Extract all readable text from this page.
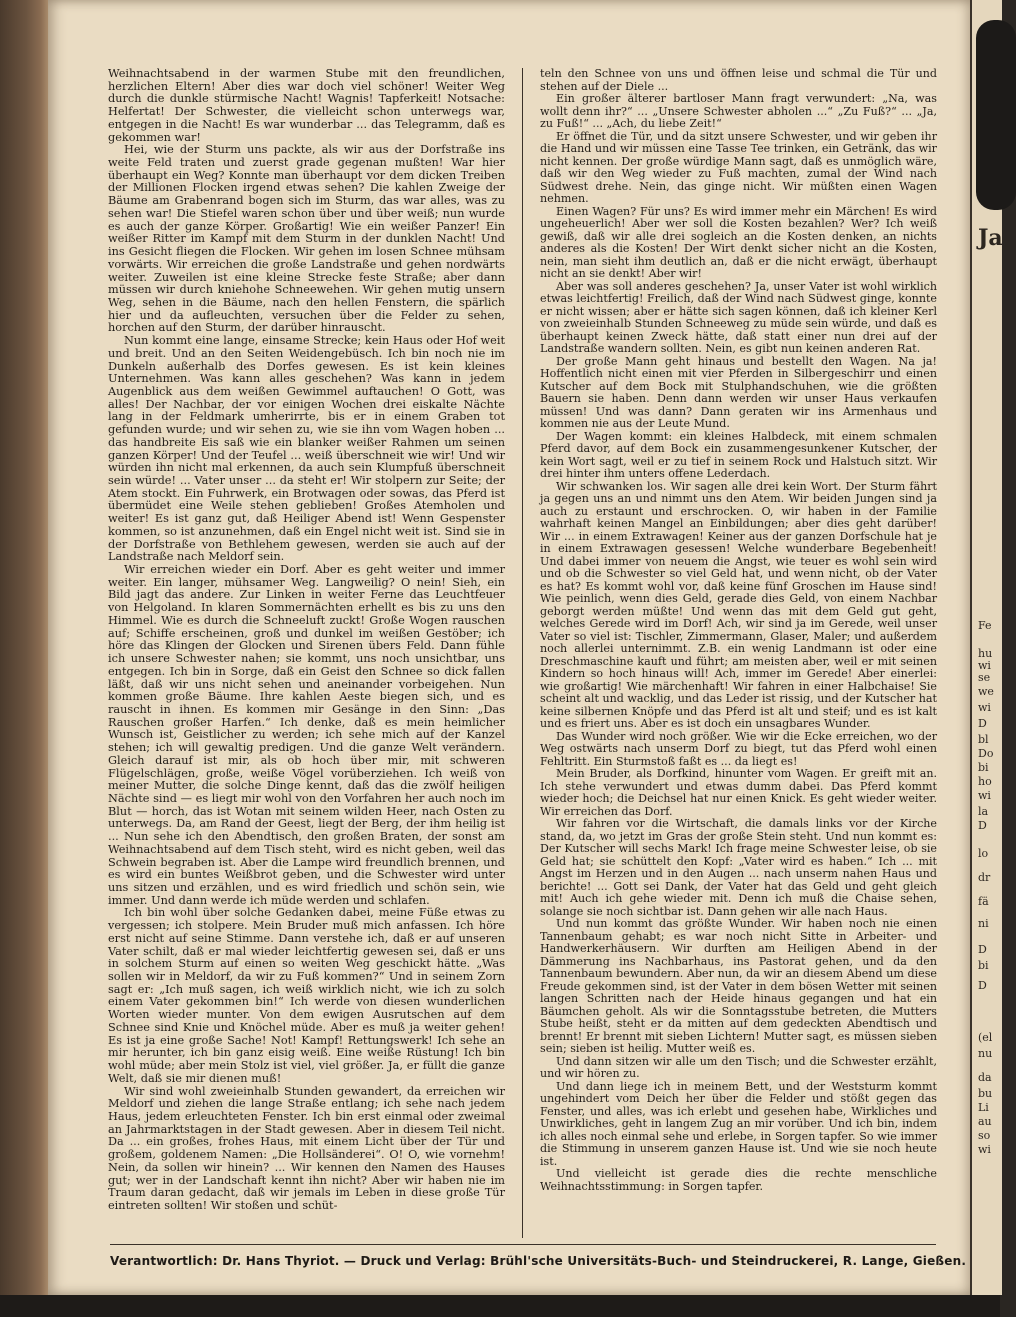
Ja
Fe
hu
wi
se
we
wi
D
bl
Do
bi
ho
wi
la
D
lo
dr
fä
ni
D
bi
D
(el
nu
da
bu
Li
au
so
wi

Weihnachtsabend in der warmen Stube mit den freundlichen, herzlichen Eltern! Aber dies war doch viel schöner! Weiter Weg durch die dunkle stürmische Nacht! Wagnis! Tapferkeit! Notsache: Helfertat! Der Schwester, die vielleicht schon unterwegs war, entgegen in die Nacht! Es war wunderbar ... das Telegramm, daß es gekommen war!

Hei, wie der Sturm uns packte, als wir aus der Dorfstraße ins weite Feld traten und zuerst grade gegenan mußten! War hier überhaupt ein Weg? Konnte man überhaupt vor dem dicken Treiben der Millionen Flocken irgend etwas sehen? Die kahlen Zweige der Bäume am Grabenrand bogen sich im Sturm, das war alles, was zu sehen war! Die Stiefel waren schon über und über weiß; nun wurde es auch der ganze Körper. Großartig! Wie ein weißer Panzer! Ein weißer Ritter im Kampf mit dem Sturm in der dunklen Nacht! Und ins Gesicht fliegen die Flocken. Wir gehen im losen Schnee mühsam vorwärts. Wir erreichen die große Landstraße und gehen nordwärts weiter. Zuweilen ist eine kleine Strecke feste Straße; aber dann müssen wir durch kniehohe Schneewehen. Wir gehen mutig unsern Weg, sehen in die Bäume, nach den hellen Fenstern, die spärlich hier und da aufleuchten, versuchen über die Felder zu sehen, horchen auf den Sturm, der darüber hinrauscht.

Nun kommt eine lange, einsame Strecke; kein Haus oder Hof weit und breit. Und an den Seiten Weidengebüsch. Ich bin noch nie im Dunkeln außerhalb des Dorfes gewesen. Es ist kein kleines Unternehmen. Was kann alles geschehen? Was kann in jedem Augenblick aus dem weißen Gewimmel auftauchen! O Gott, was alles! Der Nachbar, der vor einigen Wochen drei eiskalte Nächte lang in der Feldmark umherirrte, bis er in einem Graben tot gefunden wurde; und wir sehen zu, wie sie ihn vom Wagen hoben ... das handbreite Eis saß wie ein blanker weißer Rahmen um seinen ganzen Körper! Und der Teufel ... weiß überschneit wie wir! Und wir würden ihn nicht mal erkennen, da auch sein Klumpfuß überschneit sein würde! ... Vater unser ... da steht er! Wir stolpern zur Seite; der Atem stockt. Ein Fuhrwerk, ein Brotwagen oder sowas, das Pferd ist übermüdet eine Weile stehen geblieben! Großes Atemholen und weiter! Es ist ganz gut, daß Heiliger Abend ist! Wenn Gespenster kommen, so ist anzunehmen, daß ein Engel nicht weit ist. Sind sie in der Dorfstraße von Bethlehem gewesen, werden sie auch auf der Landstraße nach Meldorf sein.

Wir erreichen wieder ein Dorf. Aber es geht weiter und immer weiter. Ein langer, mühsamer Weg. Langweilig? O nein! Sieh, ein Bild jagt das andere. Zur Linken in weiter Ferne das Leuchtfeuer von Helgoland. In klaren Sommernächten erhellt es bis zu uns den Himmel. Wie es durch die Schneeluft zuckt! Große Wogen rauschen auf; Schiffe erscheinen, groß und dunkel im weißen Gestöber; ich höre das Klingen der Glocken und Sirenen übers Feld. Dann fühle ich unsere Schwester nahen; sie kommt, uns noch unsichtbar, uns entgegen. Ich bin in Sorge, daß ein Geist den Schnee so dick fallen läßt, daß wir uns nicht sehen und aneinander vorbeigehen. Nun kommen große Bäume. Ihre kahlen Aeste biegen sich, und es rauscht in ihnen. Es kommen mir Gesänge in den Sinn: „Das Rauschen großer Harfen.“ Ich denke, daß es mein heimlicher Wunsch ist, Geistlicher zu werden; ich sehe mich auf der Kanzel stehen; ich will gewaltig predigen. Und die ganze Welt verändern. Gleich darauf ist mir, als ob hoch über mir, mit schweren Flügelschlägen, große, weiße Vögel vorüberziehen. Ich weiß von meiner Mutter, die solche Dinge kennt, daß das die zwölf heiligen Nächte sind — es liegt mir wohl von den Vorfahren her auch noch im Blut — horch, das ist Wotan mit seinem wilden Heer, nach Osten zu unterwegs. Da, am Rand der Geest, liegt der Berg, der ihm heilig ist ... Nun sehe ich den Abendtisch, den großen Braten, der sonst am Weihnachtsabend auf dem Tisch steht, wird es nicht geben, weil das Schwein begraben ist. Aber die Lampe wird freundlich brennen, und es wird ein buntes Weißbrot geben, und die Schwester wird unter uns sitzen und erzählen, und es wird friedlich und schön sein, wie immer. Und dann werde ich müde werden und schlafen.

Ich bin wohl über solche Gedanken dabei, meine Füße etwas zu vergessen; ich stolpere. Mein Bruder muß mich anfassen. Ich höre erst nicht auf seine Stimme. Dann verstehe ich, daß er auf unseren Vater schilt, daß er mal wieder leichtfertig gewesen sei, daß er uns in solchem Sturm auf einen so weiten Weg geschickt hätte. „Was sollen wir in Meldorf, da wir zu Fuß kommen?“ Und in seinem Zorn sagt er: „Ich muß sagen, ich weiß wirklich nicht, wie ich zu solch einem Vater gekommen bin!“ Ich werde von diesen wunderlichen Worten wieder munter. Von dem ewigen Ausrutschen auf dem Schnee sind Knie und Knöchel müde. Aber es muß ja weiter gehen! Es ist ja eine große Sache! Not! Kampf! Rettungswerk! Ich sehe an mir herunter, ich bin ganz eisig weiß. Eine weiße Rüstung! Ich bin wohl müde; aber mein Stolz ist viel, viel größer. Ja, er füllt die ganze Welt, daß sie mir dienen muß!

Wir sind wohl zweieinhalb Stunden gewandert, da erreichen wir Meldorf und ziehen die lange Straße entlang; ich sehe nach jedem Haus, jedem erleuchteten Fenster. Ich bin erst einmal oder zweimal an Jahrmarktstagen in der Stadt gewesen. Aber in diesem Teil nicht. Da ... ein großes, frohes Haus, mit einem Licht über der Tür und großem, goldenem Namen: „Die Hollsänderei“. O! O, wie vornehm! Nein, da sollen wir hinein? ... Wir kennen den Namen des Hauses gut; wer in der Landschaft kennt ihn nicht? Aber wir haben nie im Traum daran gedacht, daß wir jemals im Leben in diese große Tür eintreten sollten! Wir stoßen und schüt-

teln den Schnee von uns und öffnen leise und schmal die Tür und stehen auf der Diele ...

Ein großer älterer bartloser Mann fragt verwundert: „Na, was wollt denn ihr?“ ... „Unsere Schwester abholen ...“ „Zu Fuß?“ ... „Ja, zu Fuß!“ ... „Ach, du liebe Zeit!“

Er öffnet die Tür, und da sitzt unsere Schwester, und wir geben ihr die Hand und wir müssen eine Tasse Tee trinken, ein Getränk, das wir nicht kennen. Der große würdige Mann sagt, daß es unmöglich wäre, daß wir den Weg wieder zu Fuß machten, zumal der Wind nach Südwest drehe. Nein, das ginge nicht. Wir müßten einen Wagen nehmen.

Einen Wagen? Für uns? Es wird immer mehr ein Märchen! Es wird ungeheuerlich! Aber wer soll die Kosten bezahlen? Wer? Ich weiß gewiß, daß wir alle drei sogleich an die Kosten denken, an nichts anderes als die Kosten! Der Wirt denkt sicher nicht an die Kosten, nein, man sieht ihm deutlich an, daß er die nicht erwägt, überhaupt nicht an sie denkt! Aber wir!

Aber was soll anderes geschehen? Ja, unser Vater ist wohl wirklich etwas leichtfertig! Freilich, daß der Wind nach Südwest ginge, konnte er nicht wissen; aber er hätte sich sagen können, daß ich kleiner Kerl von zweieinhalb Stunden Schneeweg zu müde sein würde, und daß es überhaupt keinen Zweck hätte, daß statt einer nun drei auf der Landstraße wandern sollten. Nein, es gibt nun keinen anderen Rat.

Der große Mann geht hinaus und bestellt den Wagen. Na ja! Hoffentlich nicht einen mit vier Pferden in Silbergeschirr und einen Kutscher auf dem Bock mit Stulphandschuhen, wie die größten Bauern sie haben. Denn dann werden wir unser Haus verkaufen müssen! Und was dann? Dann geraten wir ins Armenhaus und kommen nie aus der Leute Mund.

Der Wagen kommt: ein kleines Halbdeck, mit einem schmalen Pferd davor, auf dem Bock ein zusammengesunkener Kutscher, der kein Wort sagt, weil er zu tief in seinem Rock und Halstuch sitzt. Wir drei hinter ihm unters offene Lederdach.

Wir schwanken los. Wir sagen alle drei kein Wort. Der Sturm fährt ja gegen uns an und nimmt uns den Atem. Wir beiden Jungen sind ja auch zu erstaunt und erschrocken. O, wir haben in der Familie wahrhaft keinen Mangel an Einbildungen; aber dies geht darüber! Wir ... in einem Extrawagen! Keiner aus der ganzen Dorfschule hat je in einem Extrawagen gesessen! Welche wunderbare Begebenheit! Und dabei immer von neuem die Angst, wie teuer es wohl sein wird und ob die Schwester so viel Geld hat, und wenn nicht, ob der Vater es hat? Es kommt wohl vor, daß keine fünf Groschen im Hause sind! Wie peinlich, wenn dies Geld, gerade dies Geld, von einem Nachbar geborgt werden müßte! Und wenn das mit dem Geld gut geht, welches Gerede wird im Dorf! Ach, wir sind ja im Gerede, weil unser Vater so viel ist: Tischler, Zimmermann, Glaser, Maler; und außerdem noch allerlei unternimmt. Z.B. ein wenig Landmann ist oder eine Dreschmaschine kauft und führt; am meisten aber, weil er mit seinen Kindern so hoch hinaus will! Ach, immer im Gerede! Aber einerlei: wie großartig! Wie märchenhaft! Wir fahren in einer Halbchaise! Sie scheint alt und wacklig, und das Leder ist rissig, und der Kutscher hat keine silbernen Knöpfe und das Pferd ist alt und steif; und es ist kalt und es friert uns. Aber es ist doch ein unsagbares Wunder.

Das Wunder wird noch größer. Wie wir die Ecke erreichen, wo der Weg ostwärts nach unserm Dorf zu biegt, tut das Pferd wohl einen Fehltritt. Ein Sturmstoß faßt es ... da liegt es!

Mein Bruder, als Dorfkind, hinunter vom Wagen. Er greift mit an. Ich stehe verwundert und etwas dumm dabei. Das Pferd kommt wieder hoch; die Deichsel hat nur einen Knick. Es geht wieder weiter. Wir erreichen das Dorf.

Wir fahren vor die Wirtschaft, die damals links vor der Kirche stand, da, wo jetzt im Gras der große Stein steht. Und nun kommt es: Der Kutscher will sechs Mark! Ich frage meine Schwester leise, ob sie Geld hat; sie schüttelt den Kopf: „Vater wird es haben.“ Ich ... mit Angst im Herzen und in den Augen ... nach unserm nahen Haus und berichte! ... Gott sei Dank, der Vater hat das Geld und geht gleich mit! Auch ich gehe wieder mit. Denn ich muß die Chaise sehen, solange sie noch sichtbar ist. Dann gehen wir alle nach Haus.

Und nun kommt das größte Wunder. Wir haben noch nie einen Tannenbaum gehabt; es war noch nicht Sitte in Arbeiter- und Handwerkerhäusern. Wir durften am Heiligen Abend in der Dämmerung ins Nachbarhaus, ins Pastorat gehen, und da den Tannenbaum bewundern. Aber nun, da wir an diesem Abend um diese Freude gekommen sind, ist der Vater in dem bösen Wetter mit seinen langen Schritten nach der Heide hinaus gegangen und hat ein Bäumchen geholt. Als wir die Sonntagsstube betreten, die Mutters Stube heißt, steht er da mitten auf dem gedeckten Abendtisch und brennt! Er brennt mit sieben Lichtern! Mutter sagt, es müssen sieben sein; sieben ist heilig. Mutter weiß es.

Und dann sitzen wir alle um den Tisch; und die Schwester erzählt, und wir hören zu.

Und dann liege ich in meinem Bett, und der Weststurm kommt ungehindert vom Deich her über die Felder und stößt gegen das Fenster, und alles, was ich erlebt und gesehen habe, Wirkliches und Unwirkliches, geht in langem Zug an mir vorüber. Und ich bin, indem ich alles noch einmal sehe und erlebe, in Sorgen tapfer. So wie immer die Stimmung in unserem ganzen Hause ist. Und wie sie noch heute ist.

Und vielleicht ist gerade dies die rechte menschliche Weihnachtsstimmung: in Sorgen tapfer.

Verantwortlich: Dr. Hans Thyriot. — Druck und Verlag: Brühl'sche Universitäts-Buch- und Steindruckerei, R. Lange, Gießen.
